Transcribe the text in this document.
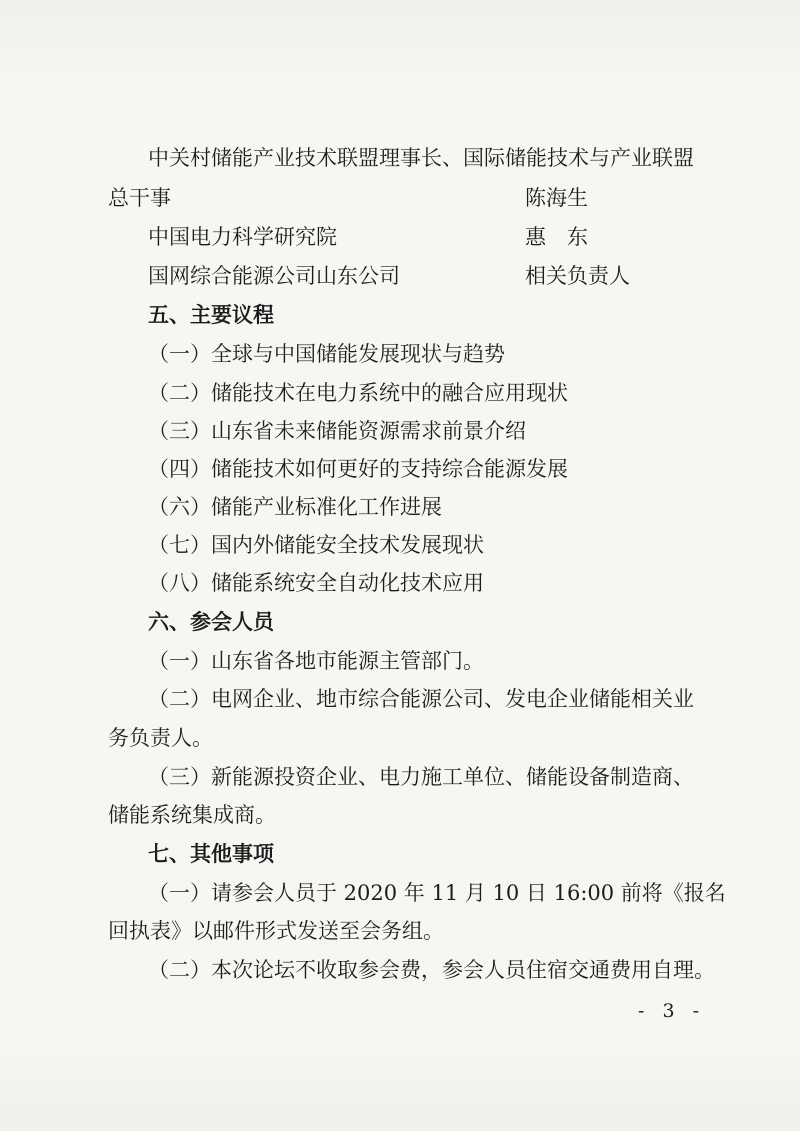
中关村储能产业技术联盟理事长、国际储能技术与产业联盟
总干事	陈海生
中国电力科学研究院	惠　东
国网综合能源公司山东公司	相关负责人
五、主要议程
（一）全球与中国储能发展现状与趋势
（二）储能技术在电力系统中的融合应用现状
（三）山东省未来储能资源需求前景介绍
（四）储能技术如何更好的支持综合能源发展
（六）储能产业标准化工作进展
（七）国内外储能安全技术发展现状
（八）储能系统安全自动化技术应用
六、参会人员
（一）山东省各地市能源主管部门。
（二）电网企业、地市综合能源公司、发电企业储能相关业
务负责人。
（三）新能源投资企业、电力施工单位、储能设备制造商、
储能系统集成商。
七、其他事项
（一）请参会人员于 2020 年 11 月 10 日 16:00 前将《报名
回执表》以邮件形式发送至会务组。
（二）本次论坛不收取参会费，参会人员住宿交通费用自理。
- 3 -
